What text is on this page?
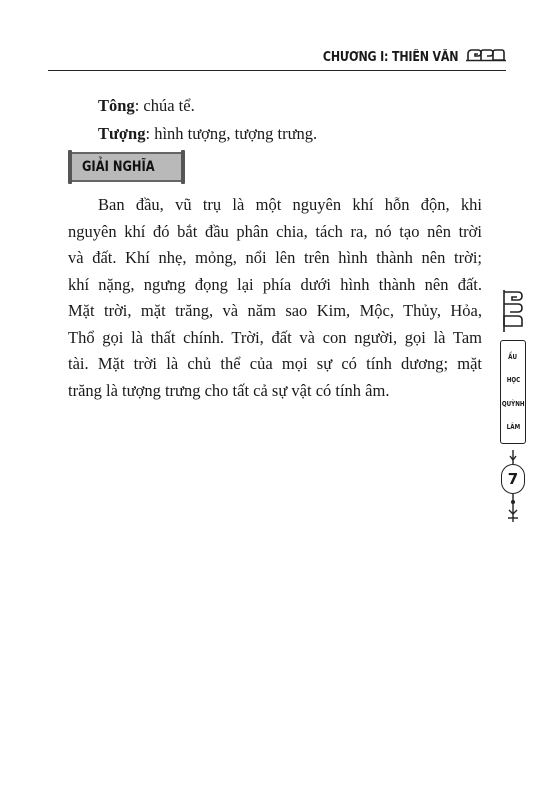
CHƯƠNG I: THIÊN VĂN
Tông: chúa tể.
Tượng: hình tượng, tượng trưng.
GIẢI NGHĨA
Ban đầu, vũ trụ là một nguyên khí hỗn độn, khi
nguyên khí đó bắt đầu phân chia, tách ra, nó tạo nên trời
và đất. Khí nhẹ, mỏng, nổi lên trên hình thành nên trời;
khí nặng, ngưng đọng lại phía dưới hình thành nên đất.
Mặt trời, mặt trăng, và năm sao Kim, Mộc, Thủy, Hỏa,
Thổ gọi là thất chính. Trời, đất và con người, gọi là Tam
tài. Mặt trời là chủ thể của mọi sự có tính dương; mặt
trăng là tượng trưng cho tất cả sự vật có tính âm.
ẤU
HỌC
QUỲNH
LÂM
7
